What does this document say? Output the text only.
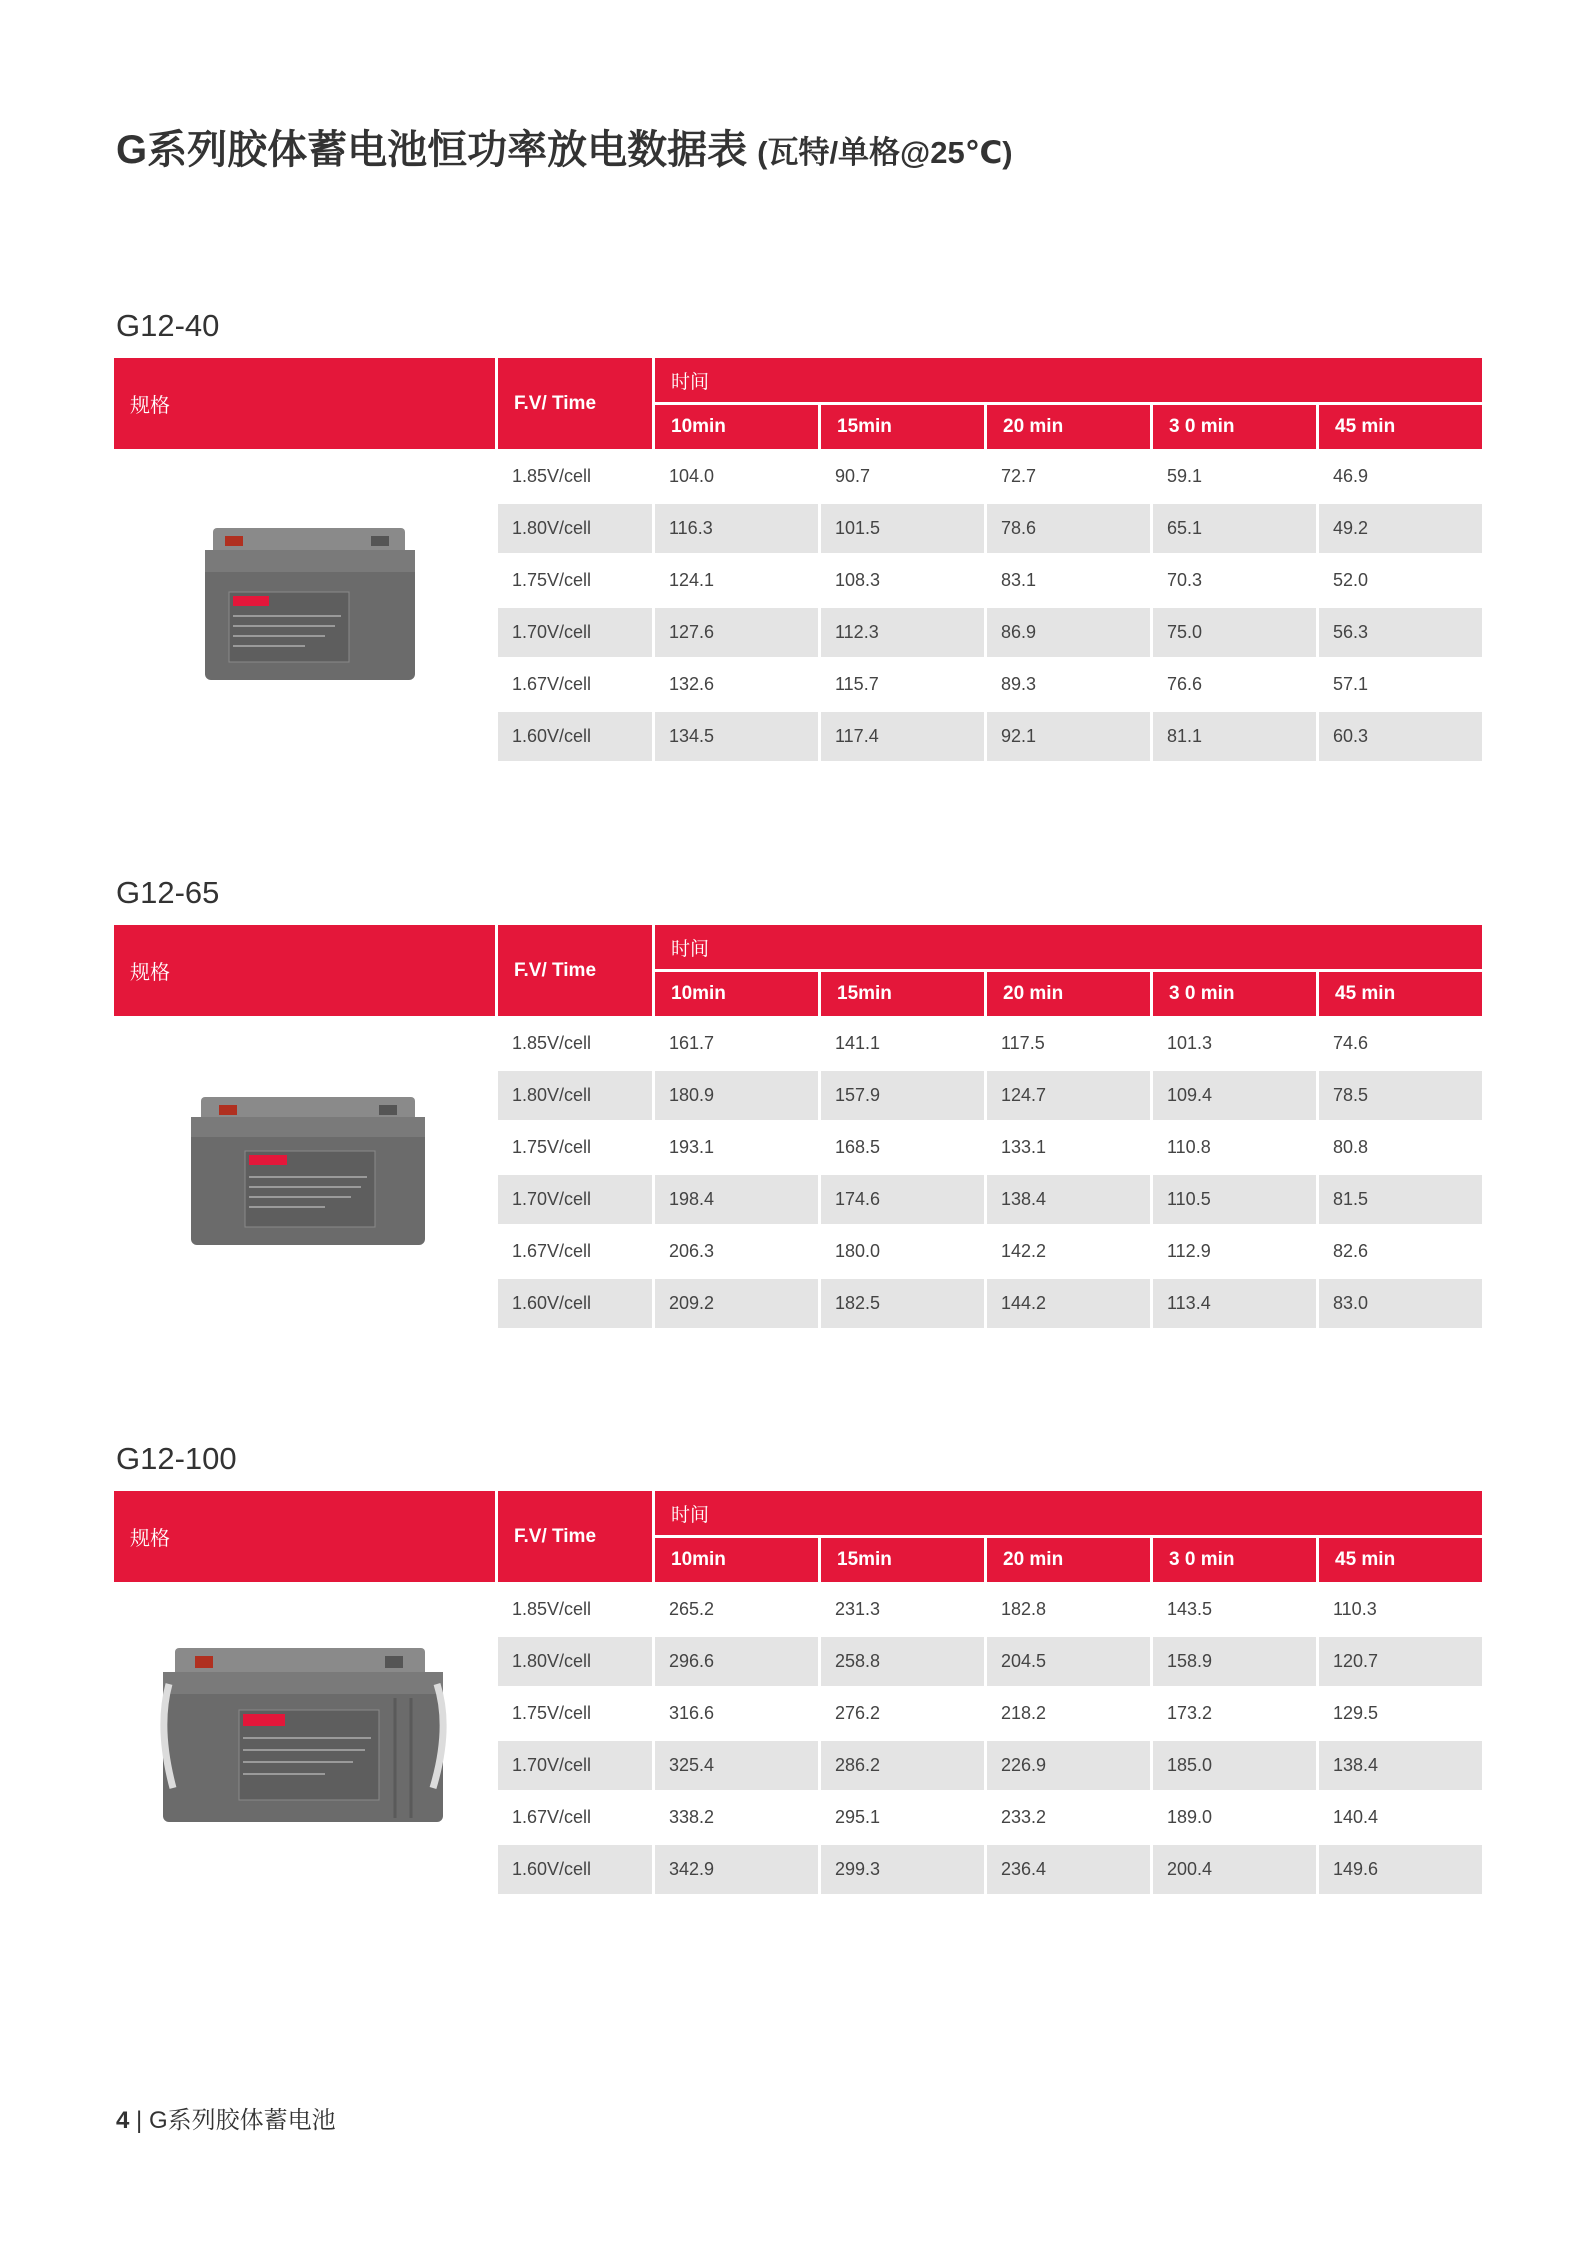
G系列胶体蓄电池恒功率放电数据表 (瓦特/单格@25℃)
G12-40
规格	F.V/ Time	时间				
		10min	15min	20 min	3 0 min	45 min

	1.85V/cell	104.0	90.7	72.7	59.1	46.9
	1.80V/cell	116.3	101.5	78.6	65.1	49.2
	1.75V/cell	124.1	108.3	83.1	70.3	52.0
	1.70V/cell	127.6	112.3	86.9	75.0	56.3
	1.67V/cell	132.6	115.7	89.3	76.6	57.1
	1.60V/cell	134.5	117.4	92.1	81.1	60.3
G12-65
规格	F.V/ Time	时间				
		10min	15min	20 min	3 0 min	45 min

	1.85V/cell	161.7	141.1	117.5	101.3	74.6
	1.80V/cell	180.9	157.9	124.7	109.4	78.5
	1.75V/cell	193.1	168.5	133.1	110.8	80.8
	1.70V/cell	198.4	174.6	138.4	110.5	81.5
	1.67V/cell	206.3	180.0	142.2	112.9	82.6
	1.60V/cell	209.2	182.5	144.2	113.4	83.0
G12-100
规格	F.V/ Time	时间				
		10min	15min	20 min	3 0 min	45 min

	1.85V/cell	265.2	231.3	182.8	143.5	110.3
	1.80V/cell	296.6	258.8	204.5	158.9	120.7
	1.75V/cell	316.6	276.2	218.2	173.2	129.5
	1.70V/cell	325.4	286.2	226.9	185.0	138.4
	1.67V/cell	338.2	295.1	233.2	189.0	140.4
	1.60V/cell	342.9	299.3	236.4	200.4	149.6
4 | G系列胶体蓄电池
